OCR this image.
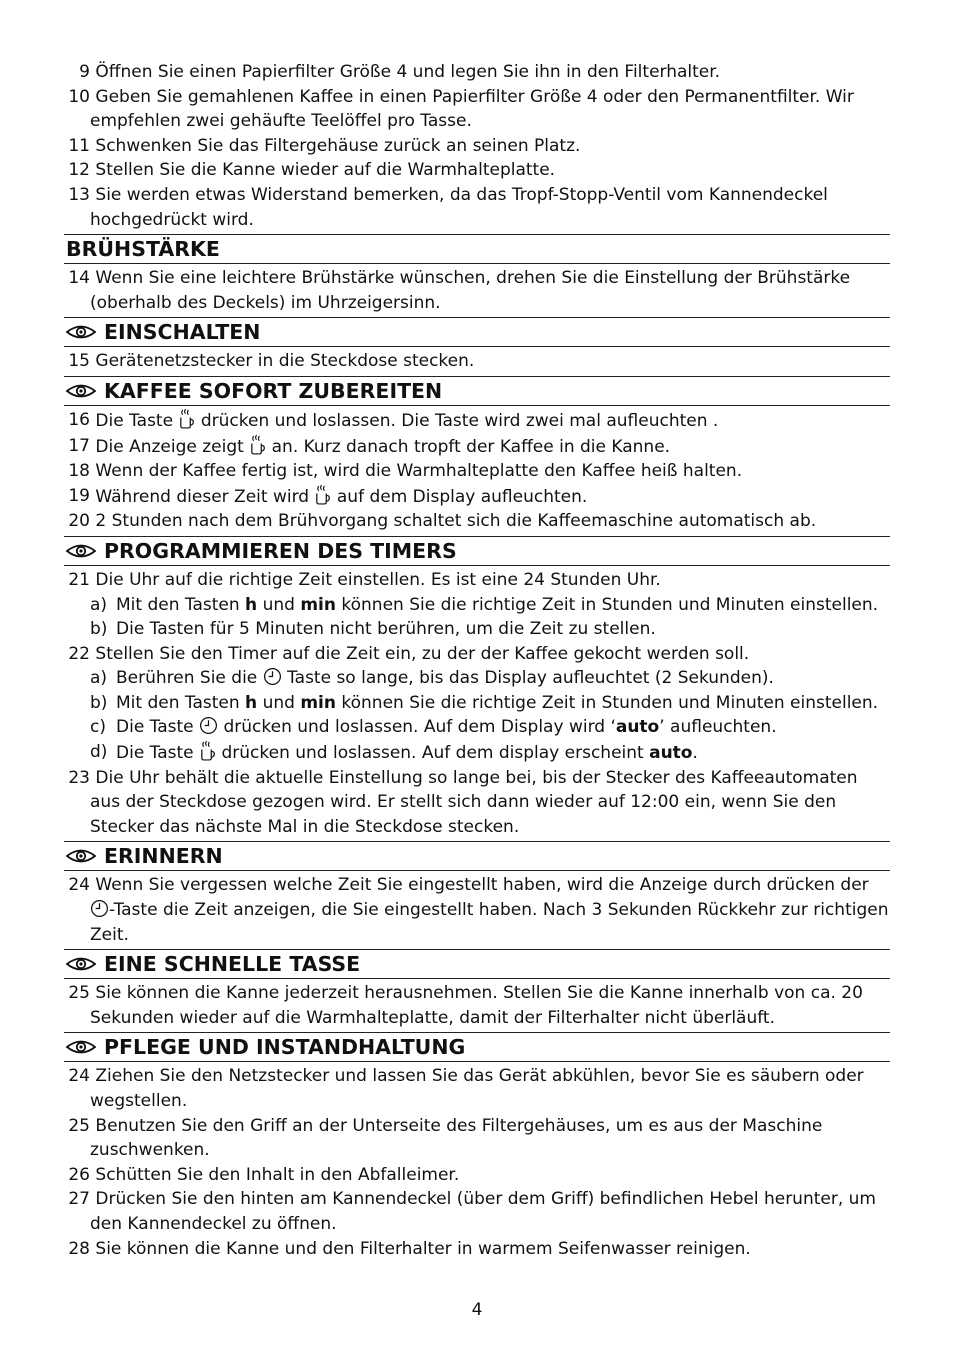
9 Öffnen Sie einen Papierfilter Größe 4 und legen Sie ihn in den Filterhalter.
10 Geben Sie gemahlenen Kaffee in einen Papierfilter Größe 4 oder den Permanentfilter. Wir empfehlen zwei gehäufte Teelöffel pro Tasse.
11 Schwenken Sie das Filtergehäuse zurück an seinen Platz.
12 Stellen Sie die Kanne wieder auf die Warmhalteplatte.
13 Sie werden etwas Widerstand bemerken, da das Tropf-Stopp-Ventil vom Kannendeckel hochgedrückt wird.
BRÜHSTÄRKE
14 Wenn Sie eine leichtere Brühstärke wünschen, drehen Sie die Einstellung der Brühstärke (oberhalb des Deckels) im Uhrzeigersinn.
EINSCHALTEN
15 Gerätenetzstecker in die Steckdose stecken.
KAFFEE SOFORT ZUBEREITEN
16 Die Taste drücken und loslassen. Die Taste wird zwei mal aufleuchten .
17 Die Anzeige zeigt an. Kurz danach tropft der Kaffee in die Kanne.
18 Wenn der Kaffee fertig ist, wird die Warmhalteplatte den Kaffee heiß halten.
19 Während dieser Zeit wird auf dem Display aufleuchten.
20 2 Stunden nach dem Brühvorgang schaltet sich die Kaffeemaschine automatisch ab.
PROGRAMMIEREN DES TIMERS
21 Die Uhr auf die richtige Zeit einstellen. Es ist eine 24 Stunden Uhr.
a) Mit den Tasten h und min können Sie die richtige Zeit in Stunden und Minuten einstellen.
b) Die Tasten für 5 Minuten nicht berühren, um die Zeit zu stellen.
22 Stellen Sie den Timer auf die Zeit ein, zu der der Kaffee gekocht werden soll.
a) Berühren Sie die Taste so lange, bis das Display aufleuchtet (2 Sekunden).
b) Mit den Tasten h und min können Sie die richtige Zeit in Stunden und Minuten einstellen.
c) Die Taste drücken und loslassen. Auf dem Display wird ‘auto’ aufleuchten.
d) Die Taste drücken und loslassen. Auf dem display erscheint auto.
23 Die Uhr behält die aktuelle Einstellung so lange bei, bis der Stecker des Kaffeeautomaten aus der Steckdose gezogen wird. Er stellt sich dann wieder auf 12:00 ein, wenn Sie den Stecker das nächste Mal in die Steckdose stecken.
ERINNERN
24 Wenn Sie vergessen welche Zeit Sie eingestellt haben, wird die Anzeige durch drücken der -Taste die Zeit anzeigen, die Sie eingestellt haben. Nach 3 Sekunden Rückkehr zur richtigen Zeit.
EINE SCHNELLE TASSE
25 Sie können die Kanne jederzeit herausnehmen. Stellen Sie die Kanne innerhalb von ca. 20 Sekunden wieder auf die Warmhalteplatte, damit der Filterhalter nicht überläuft.
PFLEGE UND INSTANDHALTUNG
24 Ziehen Sie den Netzstecker und lassen Sie das Gerät abkühlen, bevor Sie es säubern oder wegstellen.
25 Benutzen Sie den Griff an der Unterseite des Filtergehäuses, um es aus der Maschine zuschwenken.
26 Schütten Sie den Inhalt in den Abfalleimer.
27 Drücken Sie den hinten am Kannendeckel (über dem Griff) befindlichen Hebel herunter, um den Kannendeckel zu öffnen.
28 Sie können die Kanne und den Filterhalter in warmem Seifenwasser reinigen.
4
